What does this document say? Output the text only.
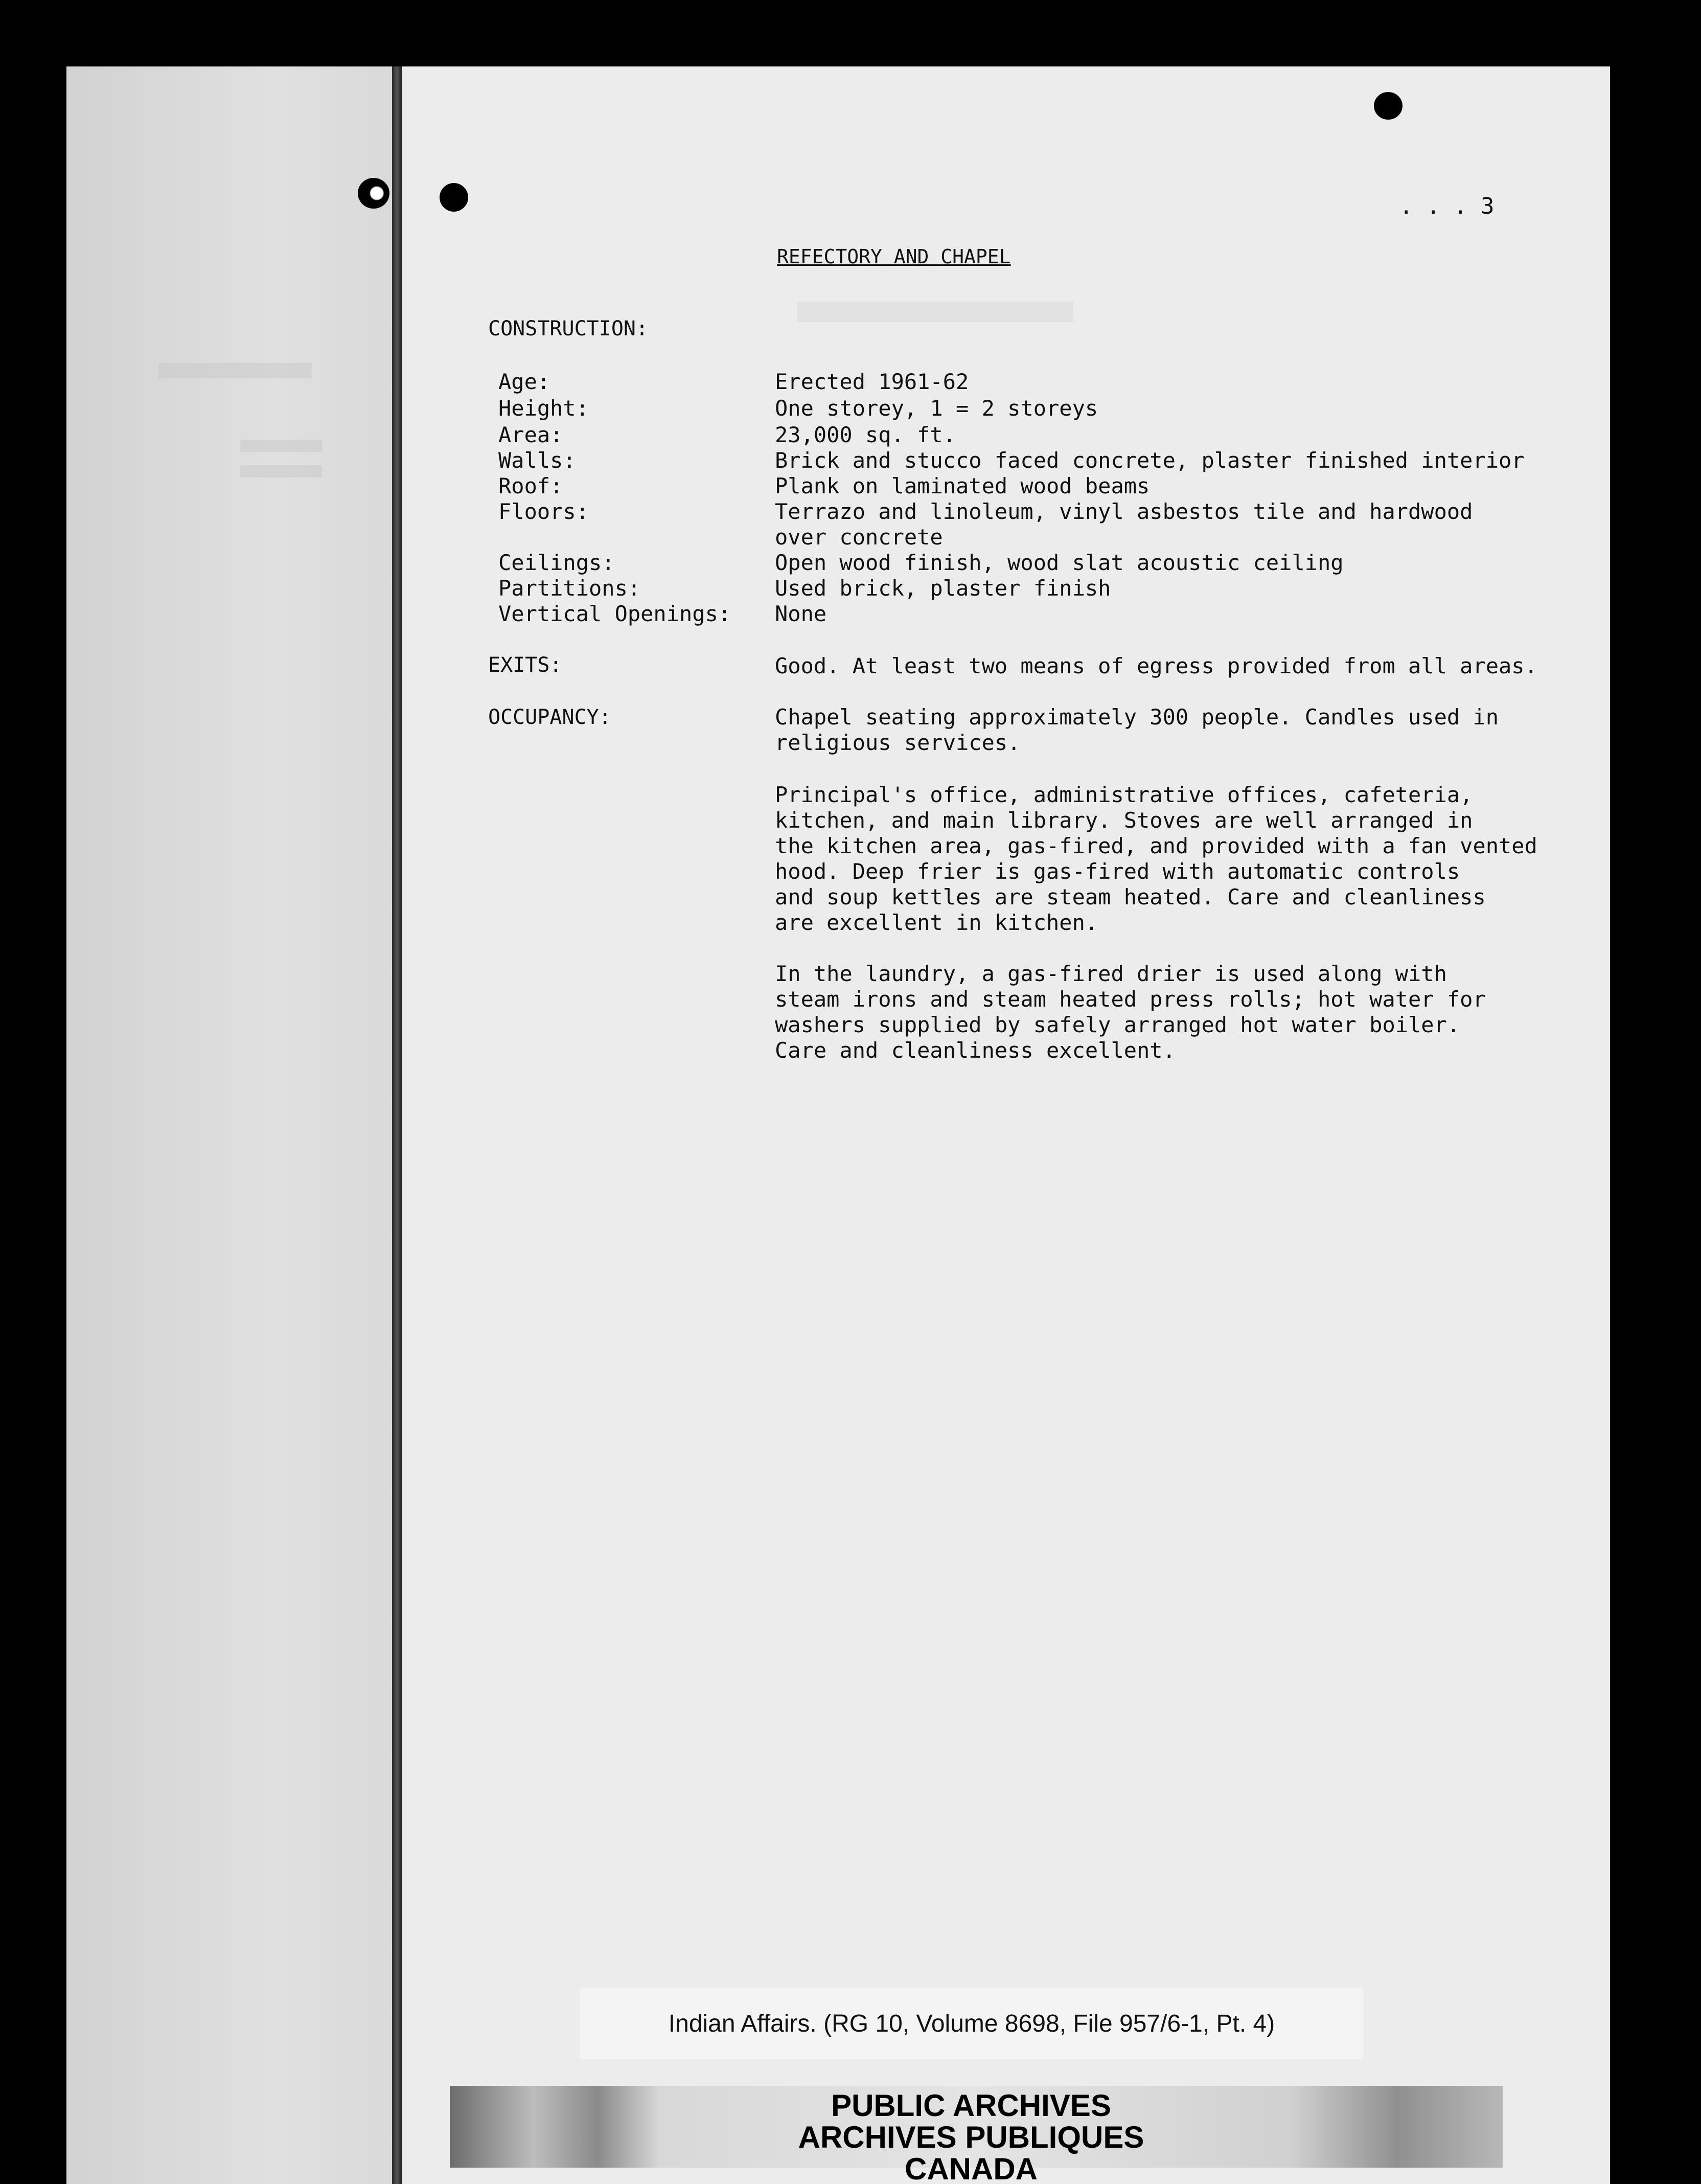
. . . 3
REFECTORY AND CHAPEL
CONSTRUCTION:
Age:	Erected 1961-62
Height:	One storey, 1 = 2 storeys
Area:	23,000 sq. ft.
Walls:	Brick and stucco faced concrete, plaster finished interior
Roof:	Plank on laminated wood beams
Floors:	Terrazo and linoleum, vinyl asbestos tile and hardwood
over concrete
Ceilings:	Open wood finish, wood slat acoustic ceiling
Partitions:	Used brick, plaster finish
Vertical Openings: None
EXITS:	Good. At least two means of egress provided from all areas.
OCCUPANCY:	Chapel seating approximately 300 people. Candles used in
religious services.
Principal's office, administrative offices, cafeteria,
kitchen, and main library. Stoves are well arranged in
the kitchen area, gas-fired, and provided with a fan vented
hood. Deep frier is gas-fired with automatic controls
and soup kettles are steam heated. Care and cleanliness
are excellent in kitchen.
In the laundry, a gas-fired drier is used along with
steam irons and steam heated press rolls; hot water for
washers supplied by safely arranged hot water boiler.
Care and cleanliness excellent.
Indian Affairs. (RG 10, Volume 8698, File 957/6-1, Pt. 4)
PUBLIC ARCHIVES
ARCHIVES PUBLIQUES
CANADA
